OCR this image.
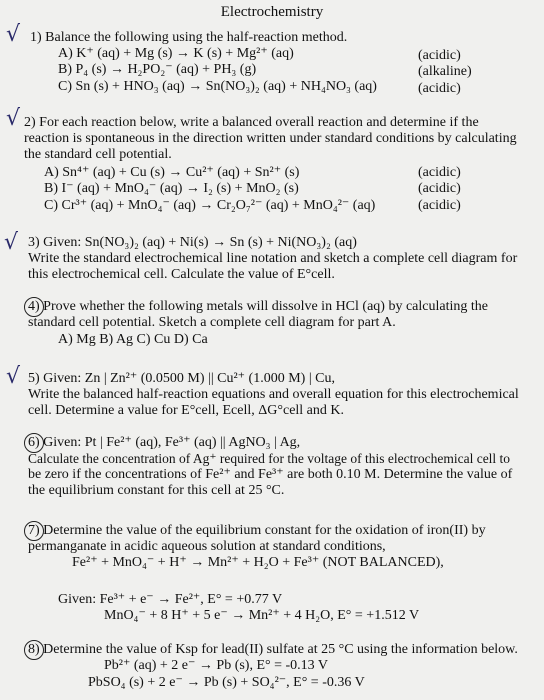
Electrochemistry
√ 1) Balance the following using the half-reaction method.
A) K⁺ (aq) + Mg (s) → K (s) + Mg²⁺ (aq)
B) P₄ (s) → H₂PO₂⁻ (aq) + PH₃ (g)
C) Sn (s) + HNO₃ (aq) → Sn(NO₃)₂ (aq) + NH₄NO₃ (aq)
(acidic)
(alkaline)
(acidic)
√ 2) For each reaction below, write a balanced overall reaction and determine if the
reaction is spontaneous in the direction written under standard conditions by calculating
the standard cell potential.
A) Sn⁴⁺ (aq) + Cu (s) → Cu²⁺ (aq) + Sn²⁺ (s)
B) I⁻ (aq) + MnO₄⁻ (aq) → I₂ (s) + MnO₂ (s)
C) Cr³⁺ (aq) + MnO₄⁻ (aq) → Cr₂O₇²⁻ (aq) + MnO₄²⁻ (aq)
(acidic)
(acidic)
(acidic)
√ 3) Given: Sn(NO₃)₂ (aq) + Ni(s) → Sn (s) + Ni(NO₃)₂ (aq)
Write the standard electrochemical line notation and sketch a complete cell diagram for
this electrochemical cell. Calculate the value of E°cell.
4) Prove whether the following metals will dissolve in HCl (aq) by calculating the
standard cell potential. Sketch a complete cell diagram for part A.
A) Mg B) Ag C) Cu D) Ca
√ 5) Given: Zn | Zn²⁺ (0.0500 M) || Cu²⁺ (1.000 M) | Cu,
Write the balanced half-reaction equations and overall equation for this electrochemical
cell. Determine a value for E°cell, Ecell, ΔG°cell and K.
6) Given: Pt | Fe²⁺ (aq), Fe³⁺ (aq) || AgNO₃ | Ag,
Calculate the concentration of Ag⁺ required for the voltage of this electrochemical cell to
be zero if the concentrations of Fe²⁺ and Fe³⁺ are both 0.10 M. Determine the value of
the equilibrium constant for this cell at 25 °C.
7) Determine the value of the equilibrium constant for the oxidation of iron(II) by
permanganate in acidic aqueous solution at standard conditions,
Fe²⁺ + MnO₄⁻ + H⁺ → Mn²⁺ + H₂O + Fe³⁺ (NOT BALANCED),
Given: Fe³⁺ + e⁻ → Fe²⁺, E° = +0.77 V
MnO₄⁻ + 8 H⁺ + 5 e⁻ → Mn²⁺ + 4 H₂O, E° = +1.512 V
8) Determine the value of Ksp for lead(II) sulfate at 25 °C using the information below.
Pb²⁺ (aq) + 2 e⁻ → Pb (s), E° = -0.13 V
PbSO₄ (s) + 2 e⁻ → Pb (s) + SO₄²⁻, E° = -0.36 V
